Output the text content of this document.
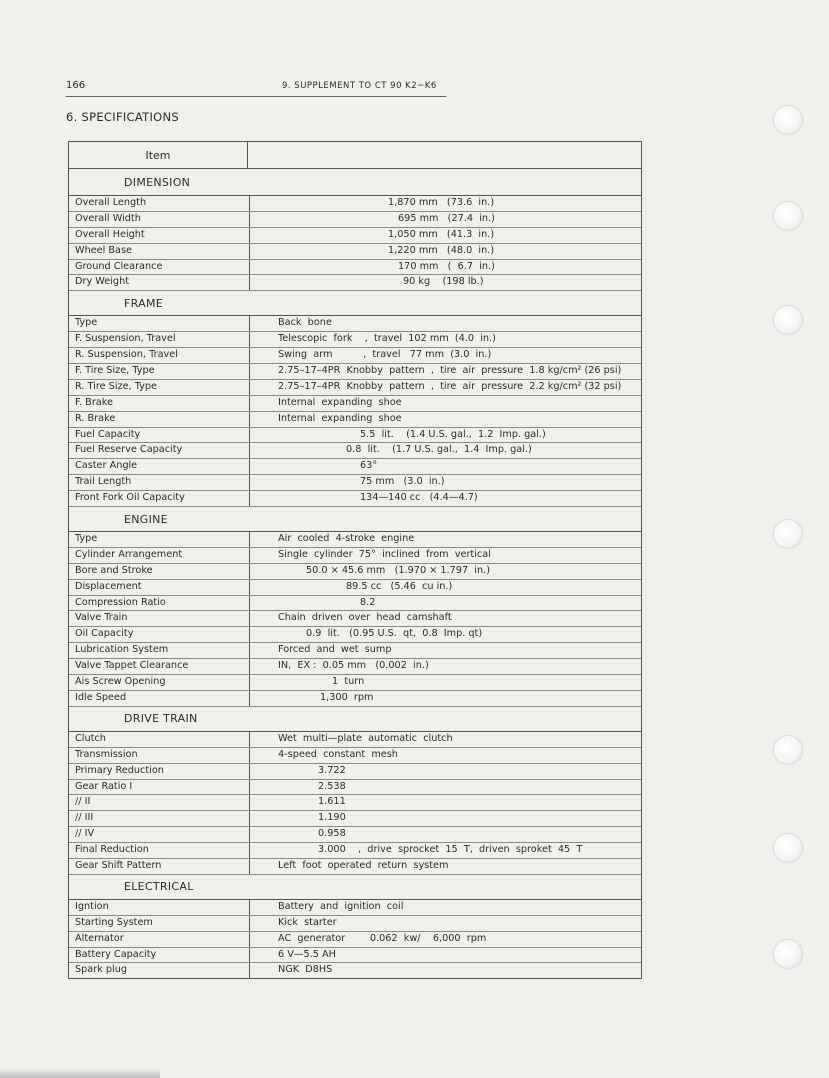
166	9. SUPPLEMENT TO CT 90 K2~K6
6. SPECIFICATIONS
Item
DIMENSION
Overall Length	1,870 mm   (73.6  in.)
Overall Width	695 mm   (27.4  in.)
Overall Height	1,050 mm   (41.3  in.)
Wheel Base	1,220 mm   (48.0  in.)
Ground Clearance	170 mm   (  6.7  in.)
Dry Weight	90 kg    (198 lb.)
FRAME
Type	Back  bone
F. Suspension, Travel	Telescopic  fork    ,  travel  102 mm  (4.0  in.)
R. Suspension, Travel	Swing  arm          ,  travel   77 mm  (3.0  in.)
F. Tire Size, Type	2.75–17–4PR  Knobby  pattern  ,  tire  air  pressure  1.8 kg/cm² (26 psi)
R. Tire Size, Type	2.75–17–4PR  Knobby  pattern  ,  tire  air  pressure  2.2 kg/cm² (32 psi)
F. Brake	Internal  expanding  shoe
R. Brake	Internal  expanding  shoe
Fuel Capacity	5.5  lit.    (1.4 U.S. gal.,  1.2  Imp. gal.)
Fuel Reserve Capacity	0.8  lit.    (1.7 U.S. gal.,  1.4  Imp. gal.)
Caster Angle	63°
Trail Length	75 mm   (3.0  in.)
Front Fork Oil Capacity	134—140 cc   (4.4—4.7)
ENGINE
Type	Air  cooled  4-stroke  engine
Cylinder Arrangement	Single  cylinder  75°  inclined  from  vertical
Bore and Stroke	50.0 × 45.6 mm   (1.970 × 1.797  in.)
Displacement	89.5 cc   (5.46  cu in.)
Compression Ratio	8.2
Valve Train	Chain  driven  over  head  camshaft
Oil Capacity	0.9  lit.   (0.95 U.S.  qt,  0.8  Imp. qt)
Lubrication System	Forced  and  wet  sump
Valve Tappet Clearance	IN,  EX :  0.05 mm   (0.002  in.)
Ais Screw Opening	1  turn
Idle Speed	1,300  rpm
DRIVE TRAIN
Clutch	Wet  multi—plate  automatic  clutch
Transmission	4-speed  constant  mesh
Primary Reduction	3.722
Gear Ratio I	2.538
// II	1.611
// III	1.190
// IV	0.958
Final Reduction	3.000    ,  drive  sprocket  15  T,  driven  sproket  45  T
Gear Shift Pattern	Left  foot  operated  return  system
ELECTRICAL
Igntion	Battery  and  ignition  coil
Starting System	Kick  starter
Alternator	AC  generator        0.062  kw/    6,000  rpm
Battery Capacity	6 V—5.5 AH
Spark plug	NGK  D8HS
